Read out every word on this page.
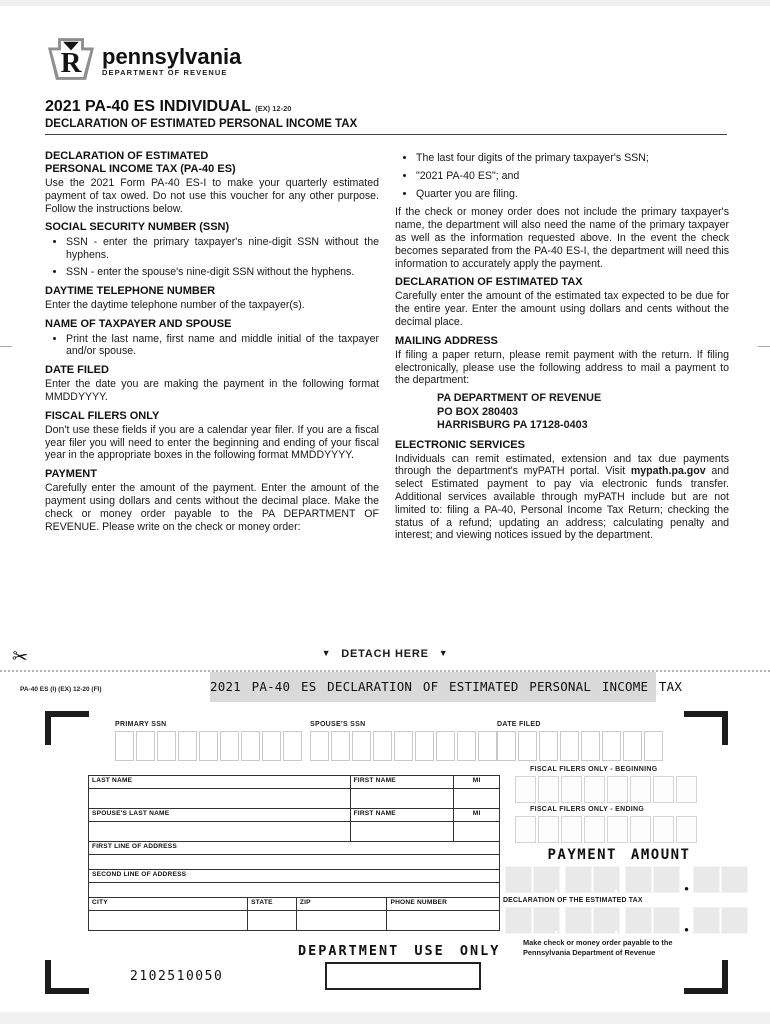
R pennsylvania
DEPARTMENT OF REVENUE
2021 PA-40 ES INDIVIDUAL (EX) 12-20
DECLARATION OF ESTIMATED PERSONAL INCOME TAX
DECLARATION OF ESTIMATED
PERSONAL INCOME TAX (PA-40 ES)

Use the 2021 Form PA-40 ES-I to make your quarterly estimated payment of tax owed. Do not use this voucher for any other purpose. Follow the instructions below.

SOCIAL SECURITY NUMBER (SSN)
• SSN - enter the primary taxpayer's nine-digit SSN without the hyphens.
• SSN - enter the spouse's nine-digit SSN without the hyphens.
DAYTIME TELEPHONE NUMBER

Enter the daytime telephone number of the taxpayer(s).

NAME OF TAXPAYER AND SPOUSE
• Print the last name, first name and middle initial of the taxpayer and/or spouse.
DATE FILED

Enter the date you are making the payment in the following format MMDDYYYY.

FISCAL FILERS ONLY

Don't use these fields if you are a calendar year filer. If you are a fiscal year filer you will need to enter the beginning and ending of your fiscal year in the appropriate boxes in the following format MMDDYYYY.

PAYMENT

Carefully enter the amount of the payment. Enter the amount of the payment using dollars and cents without the decimal place. Make the check or money order payable to the PA DEPARTMENT OF REVENUE. Please write on the check or money order:

• The last four digits of the primary taxpayer's SSN;
• "2021 PA-40 ES"; and
• Quarter you are filing.

If the check or money order does not include the primary taxpayer's name, the department will also need the name of the primary taxpayer as well as the information requested above. In the event the check becomes separated from the PA-40 ES-I, the department will need this information to accurately apply the payment.

DECLARATION OF ESTIMATED TAX

Carefully enter the amount of the estimated tax expected to be due for the entire year. Enter the amount using dollars and cents without the decimal place.

MAILING ADDRESS

If filing a paper return, please remit payment with the return. If filing electronically, please use the following address to mail a payment to the department:

PA DEPARTMENT OF REVENUE
PO BOX 280403
HARRISBURG PA 17128-0403
ELECTRONIC SERVICES

Individuals can remit estimated, extension and tax due payments through the department's myPATH portal. Visit mypath.pa.gov and select Estimated payment to pay via electronic funds transfer. Additional services available through myPATH include but are not limited to: filing a PA-40, Personal Income Tax Return; checking the status of a refund; updating an address; calculating penalty and interest; and viewing notices issued by the department.

✂	▼ DETACH HERE ▼
PA-40 ES (I) (EX) 12-20 (FI)	2021 PA-40 ES DECLARATION OF ESTIMATED PERSONAL INCOME TAX
PRIMARY SSN	SPOUSE'S SSN	DATE FILED
FISCAL FILERS ONLY - BEGINNING
FISCAL FILERS ONLY - ENDING
PAYMENT AMOUNT
,
,
•
DECLARATION OF THE ESTIMATED TAX
,
,
•
Make check or money order payable to the Pennsylvania Department of Revenue
LAST NAME	FIRST NAME	MI
SPOUSE'S LAST NAME	FIRST NAME	MI
FIRST LINE OF ADDRESS
SECOND LINE OF ADDRESS
CITY	STATE	ZIP	PHONE NUMBER
DEPARTMENT USE ONLY
2102510050
